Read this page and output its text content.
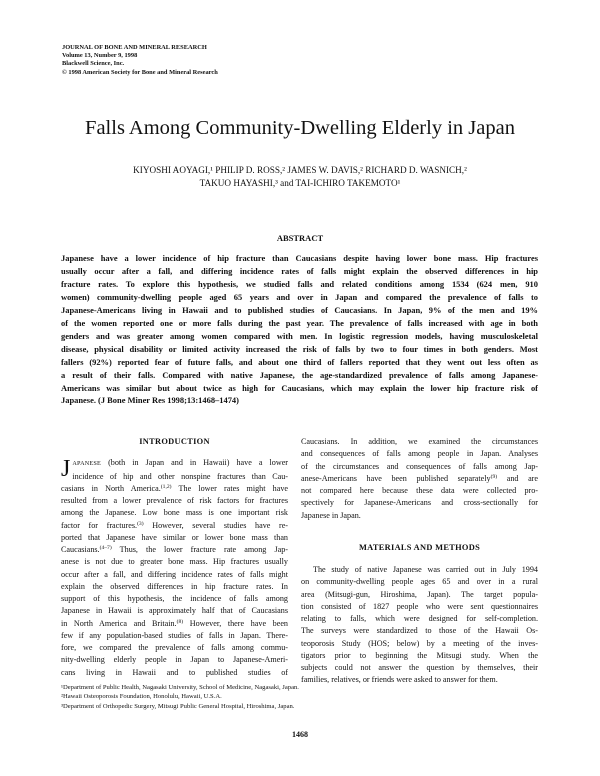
JOURNAL OF BONE AND MINERAL RESEARCH
Volume 13, Number 9, 1998
Blackwell Science, Inc.
© 1998 American Society for Bone and Mineral Research
Falls Among Community-Dwelling Elderly in Japan
KIYOSHI AOYAGI,¹ PHILIP D. ROSS,² JAMES W. DAVIS,² RICHARD D. WASNICH,²
TAKUO HAYASHI,³ and TAI-ICHIRO TAKEMOTO¹
ABSTRACT
Japanese have a lower incidence of hip fracture than Caucasians despite having lower bone mass. Hip fractures
usually occur after a fall, and differing incidence rates of falls might explain the observed differences in hip
fracture rates. To explore this hypothesis, we studied falls and related conditions among 1534 (624 men, 910
women) community-dwelling people aged 65 years and over in Japan and compared the prevalence of falls to
Japanese-Americans living in Hawaii and to published studies of Caucasians. In Japan, 9% of the men and 19%
of the women reported one or more falls during the past year. The prevalence of falls increased with age in both
genders and was greater among women compared with men. In logistic regression models, having musculoskeletal
disease, physical disability or limited activity increased the risk of falls by two to four times in both genders. Most
fallers (92%) reported fear of future falls, and about one third of fallers reported that they went out less often as
a result of their falls. Compared with native Japanese, the age-standardized prevalence of falls among Japanese-
Americans was similar but about twice as high for Caucasians, which may explain the lower hip fracture risk of
Japanese. (J Bone Miner Res 1998;13:1468–1474)
INTRODUCTION
J APANESE (both in Japan and in Hawaii) have a lower
incidence of hip and other nonspine fractures than Cau-
casians in North America.$^{(1,2)}$ The lower rates might have
resulted from a lower prevalence of risk factors for fractures
among the Japanese. Low bone mass is one important risk
factor for fractures.$^{(3)}$ However, several studies have re-
ported that Japanese have similar or lower bone mass than
Caucasians.$^{(4-7)}$ Thus, the lower fracture rate among Jap-
anese is not due to greater bone mass. Hip fractures usually
occur after a fall, and differing incidence rates of falls might
explain the observed differences in hip fracture rates. In
support of this hypothesis, the incidence of falls among
Japanese in Hawaii is approximately half that of Caucasians
in North America and Britain.$^{(8)}$ However, there have been
few if any population-based studies of falls in Japan. There-
fore, we compared the prevalence of falls among commu-
nity-dwelling elderly people in Japan to Japanese-Ameri-
cans living in Hawaii and to published studies of
Caucasians. In addition, we examined the circumstances
and consequences of falls among people in Japan. Analyses
of the circumstances and consequences of falls among Jap-
anese-Americans have been published separately$^{(9)}$ and are
not compared here because these data were collected pro-
spectively for Japanese-Americans and cross-sectionally for
Japanese in Japan.
MATERIALS AND METHODS
The study of native Japanese was carried out in July 1994
on community-dwelling people ages 65 and over in a rural
area (Mitsugi-gun, Hiroshima, Japan). The target popula-
tion consisted of 1827 people who were sent questionnaires
relating to falls, which were designed for self-completion.
The surveys were standardized to those of the Hawaii Os-
teoporosis Study (HOS; below) by a meeting of the inves-
tigators prior to beginning the Mitsugi study. When the
subjects could not answer the question by themselves, their
families, relatives, or friends were asked to answer for them.
¹Department of Public Health, Nagasaki University, School of Medicine, Nagasaki, Japan.
²Hawaii Osteoporosis Foundation, Honolulu, Hawaii, U.S.A.
³Department of Orthopedic Surgery, Mitsugi Public General Hospital, Hiroshima, Japan.
1468
